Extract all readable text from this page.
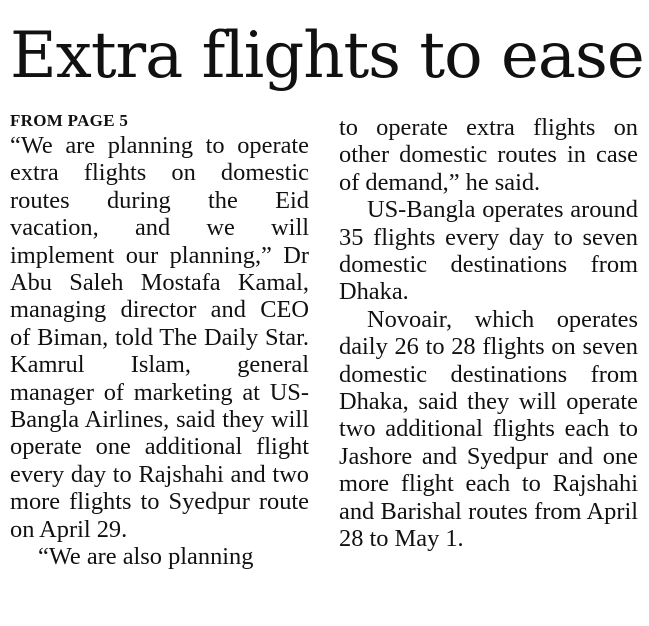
Extra flights to ease

FROM PAGE 5

“We are planning to operate extra flights on domestic routes during the Eid vacation, and we will implement our planning,” Dr Abu Saleh Mostafa Kamal, managing director and CEO of Biman, told The Daily Star. Kamrul Islam, general manager of marketing at US-Bangla Airlines, said they will operate one additional flight every day to Rajshahi and two more flights to Syedpur route on April 29.

“We are also planning

to operate extra flights on other domestic routes in case of demand,” he said.

US-Bangla operates around 35 flights every day to seven domestic destinations from Dhaka.

Novoair, which operates daily 26 to 28 flights on seven domestic destinations from Dhaka, said they will operate two additional flights each to Jashore and Syedpur and one more flight each to Rajshahi and Barishal routes from April 28 to May 1.
